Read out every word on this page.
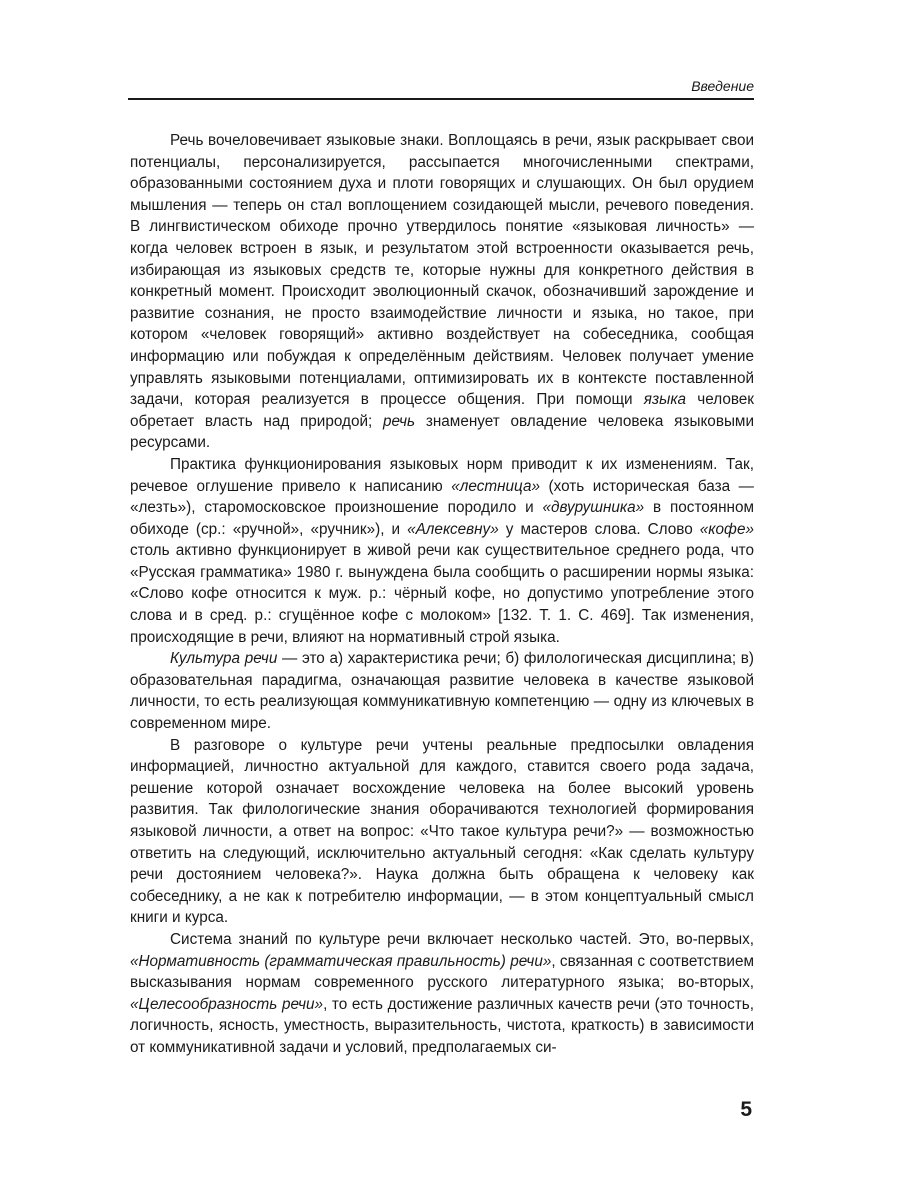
Введение

Речь вочеловечивает языковые знаки. Воплощаясь в речи, язык раскрывает свои потенциалы, персонализируется, рассыпается многочисленными спектрами, образованными состоянием духа и плоти говорящих и слушающих. Он был орудием мышления — теперь он стал воплощением созидающей мысли, речевого поведения. В лингвистическом обиходе прочно утвердилось понятие «языковая личность» — когда человек встроен в язык, и результатом этой встроенности оказывается речь, избирающая из языковых средств те, которые нужны для конкретного действия в конкретный момент. Происходит эволюционный скачок, обозначивший зарождение и развитие сознания, не просто взаимодействие личности и языка, но такое, при котором «человек говорящий» активно воздействует на собеседника, сообщая информацию или побуждая к определённым действиям. Человек получает умение управлять языковыми потенциалами, оптимизировать их в контексте поставленной задачи, которая реализуется в процессе общения. При помощи языка человек обретает власть над природой; речь знаменует овладение человека языковыми ресурсами.

Практика функционирования языковых норм приводит к их изменениям. Так, речевое оглушение привело к написанию «лестница» (хоть историческая база — «лезть»), старомосковское произношение породило и «двурушника» в постоянном обиходе (ср.: «ручной», «ручник»), и «Алексевну» у мастеров слова. Слово «кофе» столь активно функционирует в живой речи как существительное среднего рода, что «Русская грамматика» 1980 г. вынуждена была сообщить о расширении нормы языка: «Слово кофе относится к муж. р.: чёрный кофе, но допустимо употребление этого слова и в сред. р.: сгущённое кофе с молоком» [132. Т. 1. С. 469]. Так изменения, происходящие в речи, влияют на нормативный строй языка.

Культура речи — это а) характеристика речи; б) филологическая дисциплина; в) образовательная парадигма, означающая развитие человека в качестве языковой личности, то есть реализующая коммуникативную компетенцию — одну из ключевых в современном мире.

В разговоре о культуре речи учтены реальные предпосылки овладения информацией, личностно актуальной для каждого, ставится своего рода задача, решение которой означает восхождение человека на более высокий уровень развития. Так филологические знания оборачиваются технологией формирования языковой личности, а ответ на вопрос: «Что такое культура речи?» — возможностью ответить на следующий, исключительно актуальный сегодня: «Как сделать культуру речи достоянием человека?». Наука должна быть обращена к человеку как собеседнику, а не как к потребителю информации, — в этом концептуальный смысл книги и курса.

Система знаний по культуре речи включает несколько частей. Это, во-первых, «Нормативность (грамматическая правильность) речи», связанная с соответствием высказывания нормам современного русского литературного языка; во-вторых, «Целесообразность речи», то есть достижение различных качеств речи (это точность, логичность, ясность, уместность, выразительность, чистота, краткость) в зависимости от коммуникативной задачи и условий, предполагаемых си-

5
